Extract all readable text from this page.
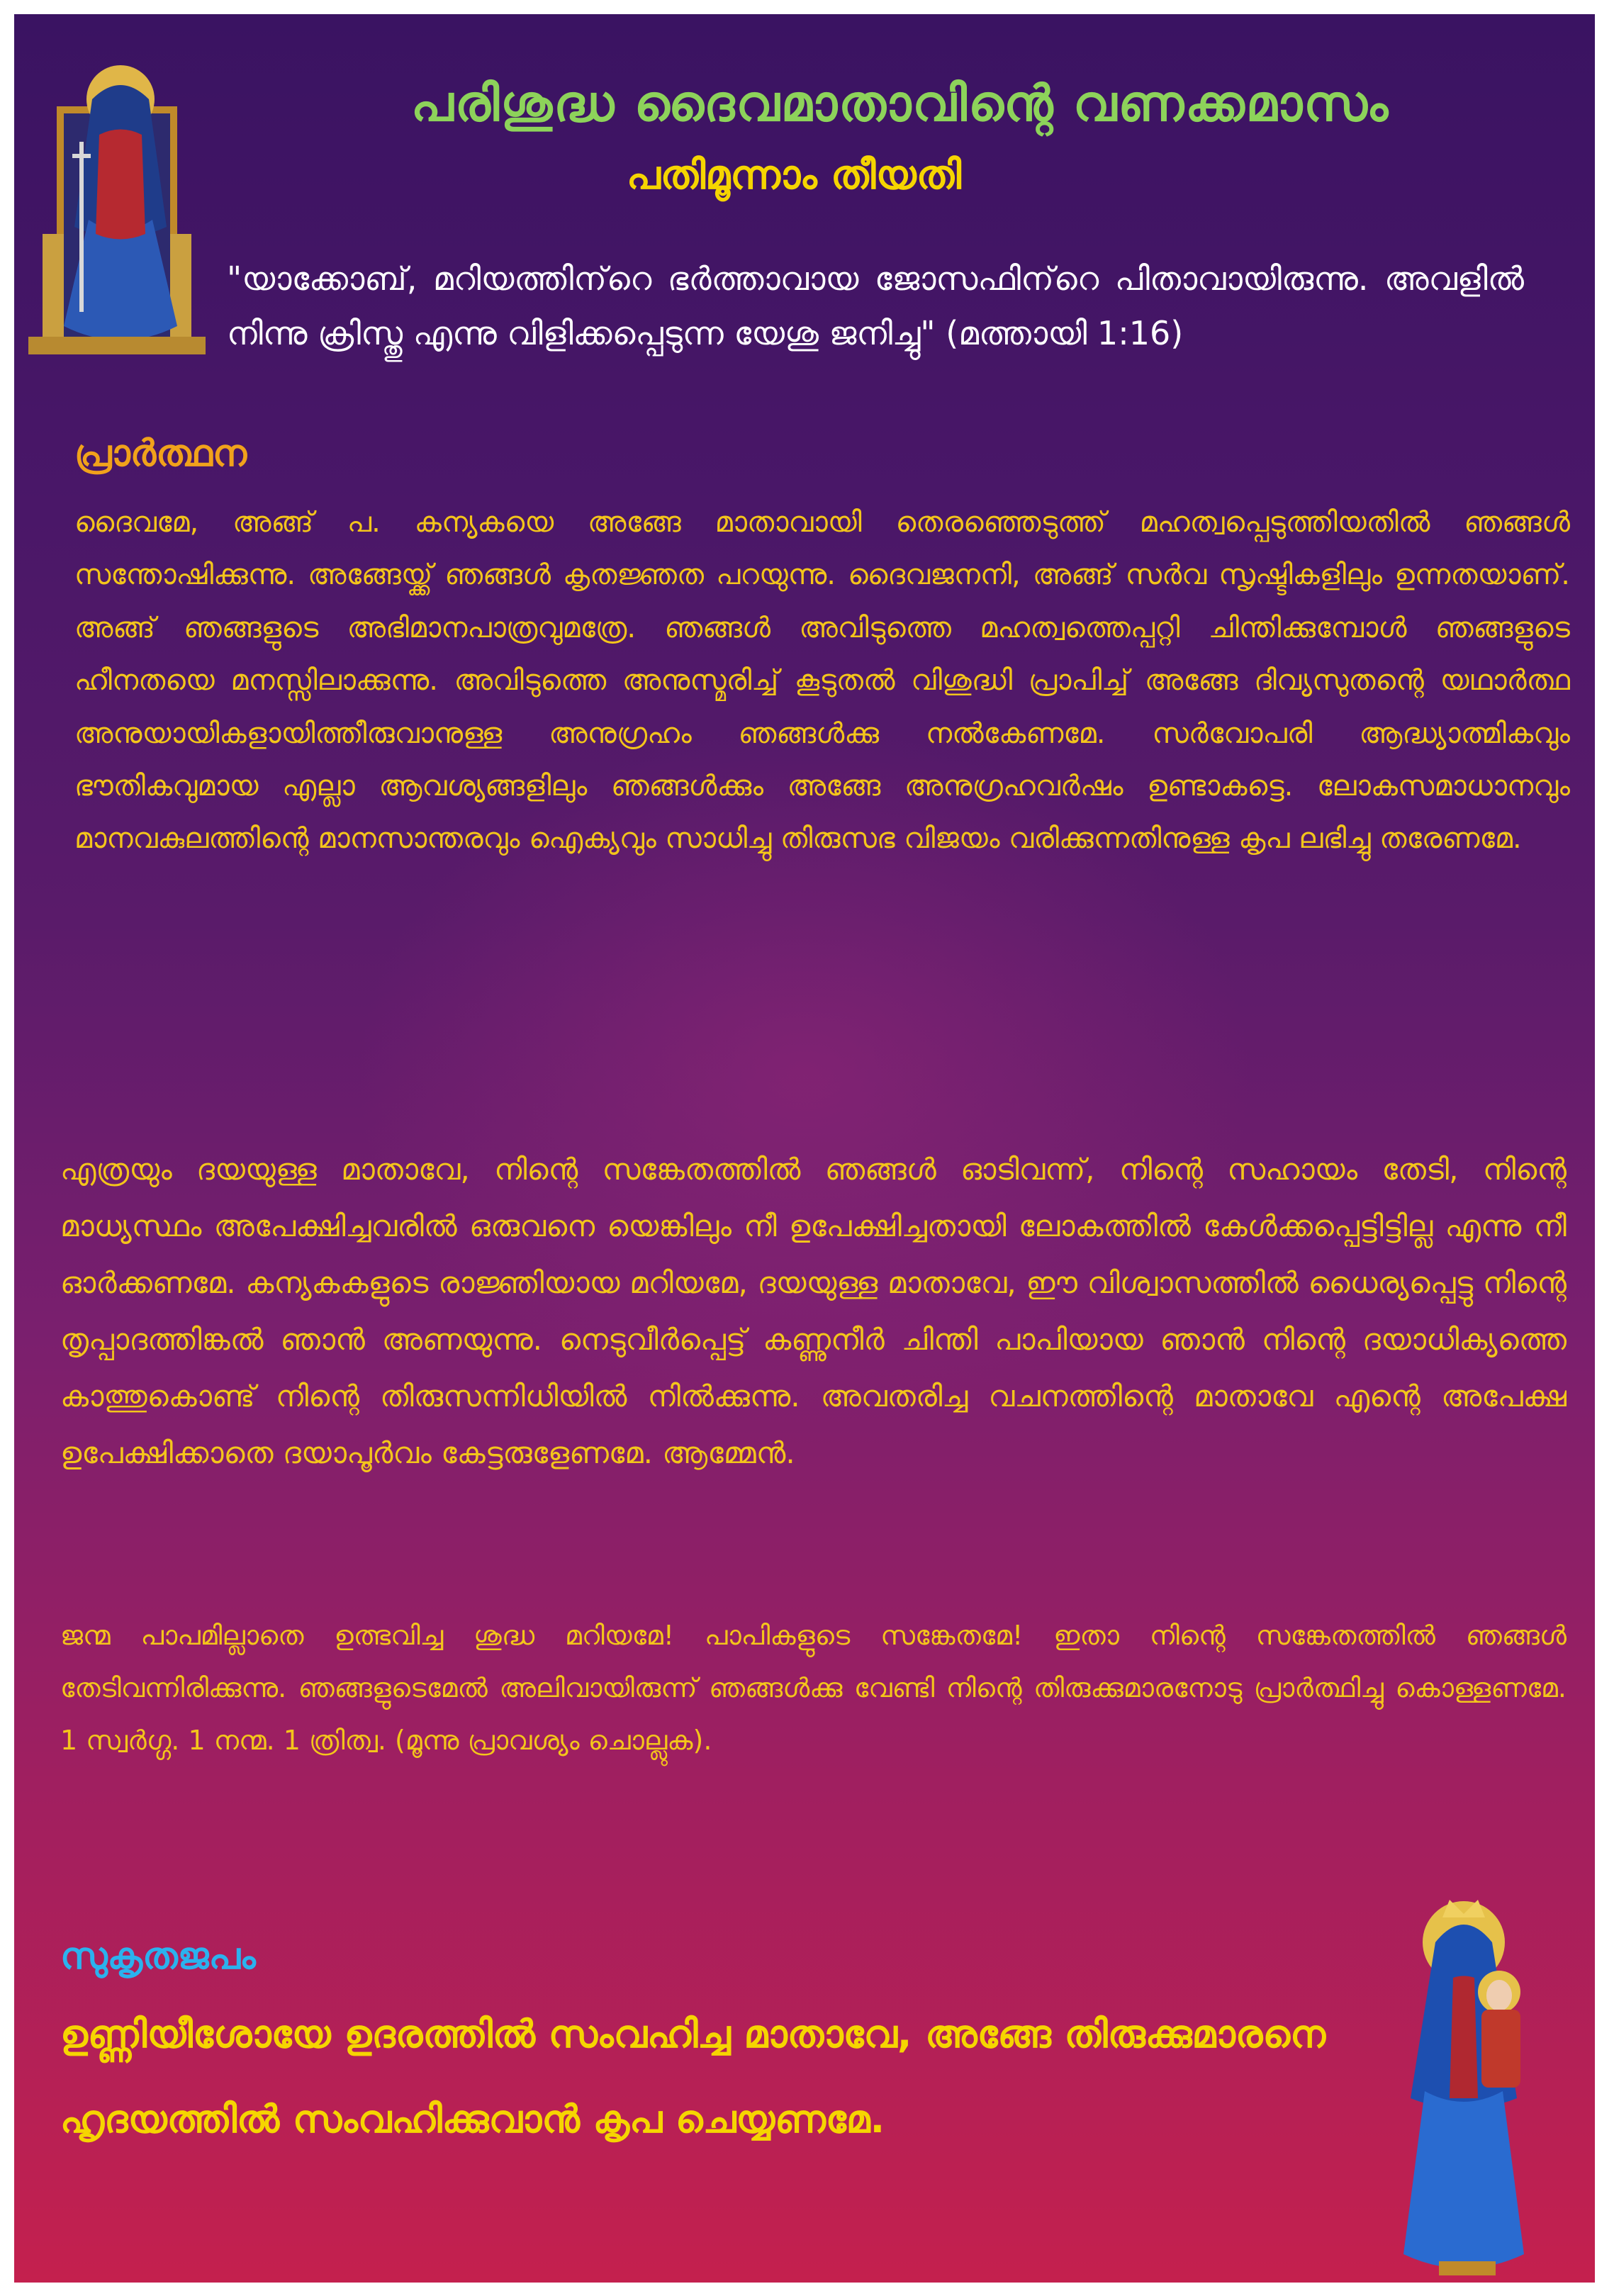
പരിശുദ്ധ ദൈവമാതാവിന്റെ വണക്കമാസം
പതിമൂന്നാം തീയതി
"യാക്കോബ്, മറിയത്തിന്‌റെ ഭർത്താവായ ജോസഫിന്‌റെ പിതാവായിരുന്നു. അവളിൽ നിന്നു ക്രിസ്തു എന്നു വിളിക്കപ്പെടുന്ന യേശു ജനിച്ചു" (മത്തായി 1:16)
പ്രാർത്ഥന
ദൈവമേ, അങ്ങ് പ. കന്യകയെ അങ്ങേ മാതാവായി തെരഞ്ഞെടുത്ത് മഹത്വപ്പെടുത്തിയതിൽ ഞങ്ങൾ സന്തോഷിക്കുന്നു. അങ്ങേയ്ക്ക് ഞങ്ങൾ കൃതജ്ഞത പറയുന്നു. ദൈവജനനി, അങ്ങ് സർവ സൃഷ്ടികളിലും ഉന്നതയാണ്. അങ്ങ് ഞങ്ങളുടെ അഭിമാനപാത്രവുമത്രേ. ഞങ്ങൾ അവിടുത്തെ മഹത്വത്തെപ്പറ്റി ചിന്തിക്കുമ്പോൾ ഞങ്ങളുടെ ഹീനതയെ മനസ്സിലാക്കുന്നു. അവിടുത്തെ അനുസ്മരിച്ച് കൂടുതൽ വിശുദ്ധി പ്രാപിച്ച് അങ്ങേ ദിവ്യസുതന്റെ യഥാർത്ഥ അനുയായികളായിത്തീരുവാനുള്ള അനുഗ്രഹം ഞങ്ങൾക്കു നൽകേണമേ. സർവോപരി ആദ്ധ്യാത്മികവും ഭൗതികവുമായ എല്ലാ ആവശ്യങ്ങളിലും ഞങ്ങൾക്കും അങ്ങേ അനുഗ്രഹവർഷം ഉണ്ടാകട്ടെ. ലോകസമാധാനവും മാനവകുലത്തിന്റെ മാനസാന്തരവും ഐക്യവും സാധിച്ചു തിരുസഭ വിജയം വരിക്കുന്നതിനുള്ള കൃപ ലഭിച്ചു തരേണമേ.
എത്രയും ദയയുള്ള മാതാവേ, നിന്റെ സങ്കേതത്തിൽ ഞങ്ങൾ ഓടിവന്ന്, നിന്റെ സഹായം തേടി, നിന്റെ മാധ്യസ്ഥം അപേക്ഷിച്ചവരിൽ ഒരുവനെ യെങ്കിലും നീ ഉപേക്ഷിച്ചതായി ലോകത്തിൽ കേൾക്കപ്പെട്ടിട്ടില്ല എന്നു നീ ഓർക്കണമേ. കന്യകകളുടെ രാജ്ഞിയായ മറിയമേ, ദയയുള്ള മാതാവേ, ഈ വിശ്വാസത്തിൽ ധൈര്യപ്പെട്ടു നിന്റെ തൃപ്പാദത്തിങ്കൽ ഞാൻ അണയുന്നു. നെടുവീർപ്പെട്ട് കണ്ണുനീർ ചിന്തി പാപിയായ ഞാൻ നിന്റെ ദയാധിക്യത്തെ കാത്തുകൊണ്ട് നിന്റെ തിരുസന്നിധിയിൽ നിൽക്കുന്നു. അവതരിച്ച വചനത്തിന്റെ മാതാവേ എന്റെ അപേക്ഷ ഉപേക്ഷിക്കാതെ ദയാപൂർവം കേട്ടരുളേണമേ. ആമ്മേൻ.
ജന്മ പാപമില്ലാതെ ഉത്ഭവിച്ച ശുദ്ധ മറിയമേ! പാപികളുടെ സങ്കേതമേ! ഇതാ നിന്റെ സങ്കേതത്തിൽ ഞങ്ങൾ തേടിവന്നിരിക്കുന്നു. ഞങ്ങളുടെമേൽ അലിവായിരുന്ന് ഞങ്ങൾക്കു വേണ്ടി നിന്റെ തിരുക്കുമാരനോടു പ്രാർത്ഥിച്ചു കൊള്ളണമേ. 1 സ്വർഗ്ഗ. 1 നന്മ. 1 ത്രിത്വ. (മൂന്നു പ്രാവശ്യം ചൊല്ലുക).
സുകൃതജപം
ഉണ്ണിയീശോയേ ഉദരത്തിൽ സംവഹിച്ച മാതാവേ, അങ്ങേ തിരുക്കുമാരനെ ഹൃദയത്തിൽ സംവഹിക്കുവാൻ കൃപ ചെയ്യണമേ.
